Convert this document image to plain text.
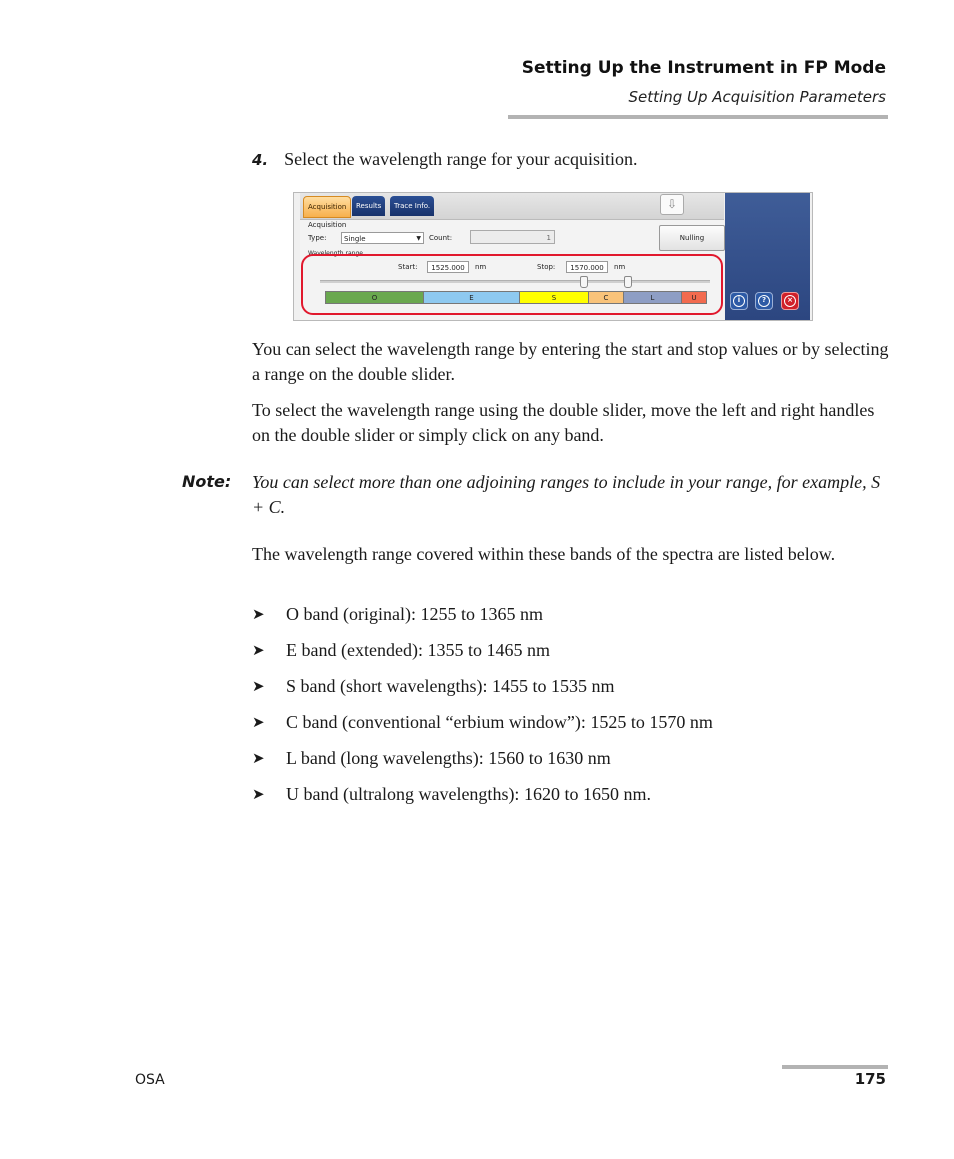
Setting Up the Instrument in FP Mode
Setting Up Acquisition Parameters
4. Select the wavelength range for your acquisition.
Acquisition	Results	Trace Info.	⇩
Acquisition
Type:	Single	▼ Count:	1	Nulling
Wavelength range
Start:	1525.000	nm	Stop:	1570.000	nm
O	E	S	C	L	U	i	?	×

You can select the wavelength range by entering the start and stop values or by selecting a range on the double slider.

To select the wavelength range using the double slider, move the left and right handles on the double slider or simply click on any band.

Note: You can select more than one adjoining ranges to include in your range, for example, S + C.

The wavelength range covered within these bands of the spectra are listed below.

➤	O band (original): 1255 to 1365 nm
➤	E band (extended): 1355 to 1465 nm
➤	S band (short wavelengths): 1455 to 1535 nm
➤	C band (conventional “erbium window”): 1525 to 1570 nm
➤	L band (long wavelengths): 1560 to 1630 nm
➤	U band (ultralong wavelengths): 1620 to 1650 nm.
OSA	175
